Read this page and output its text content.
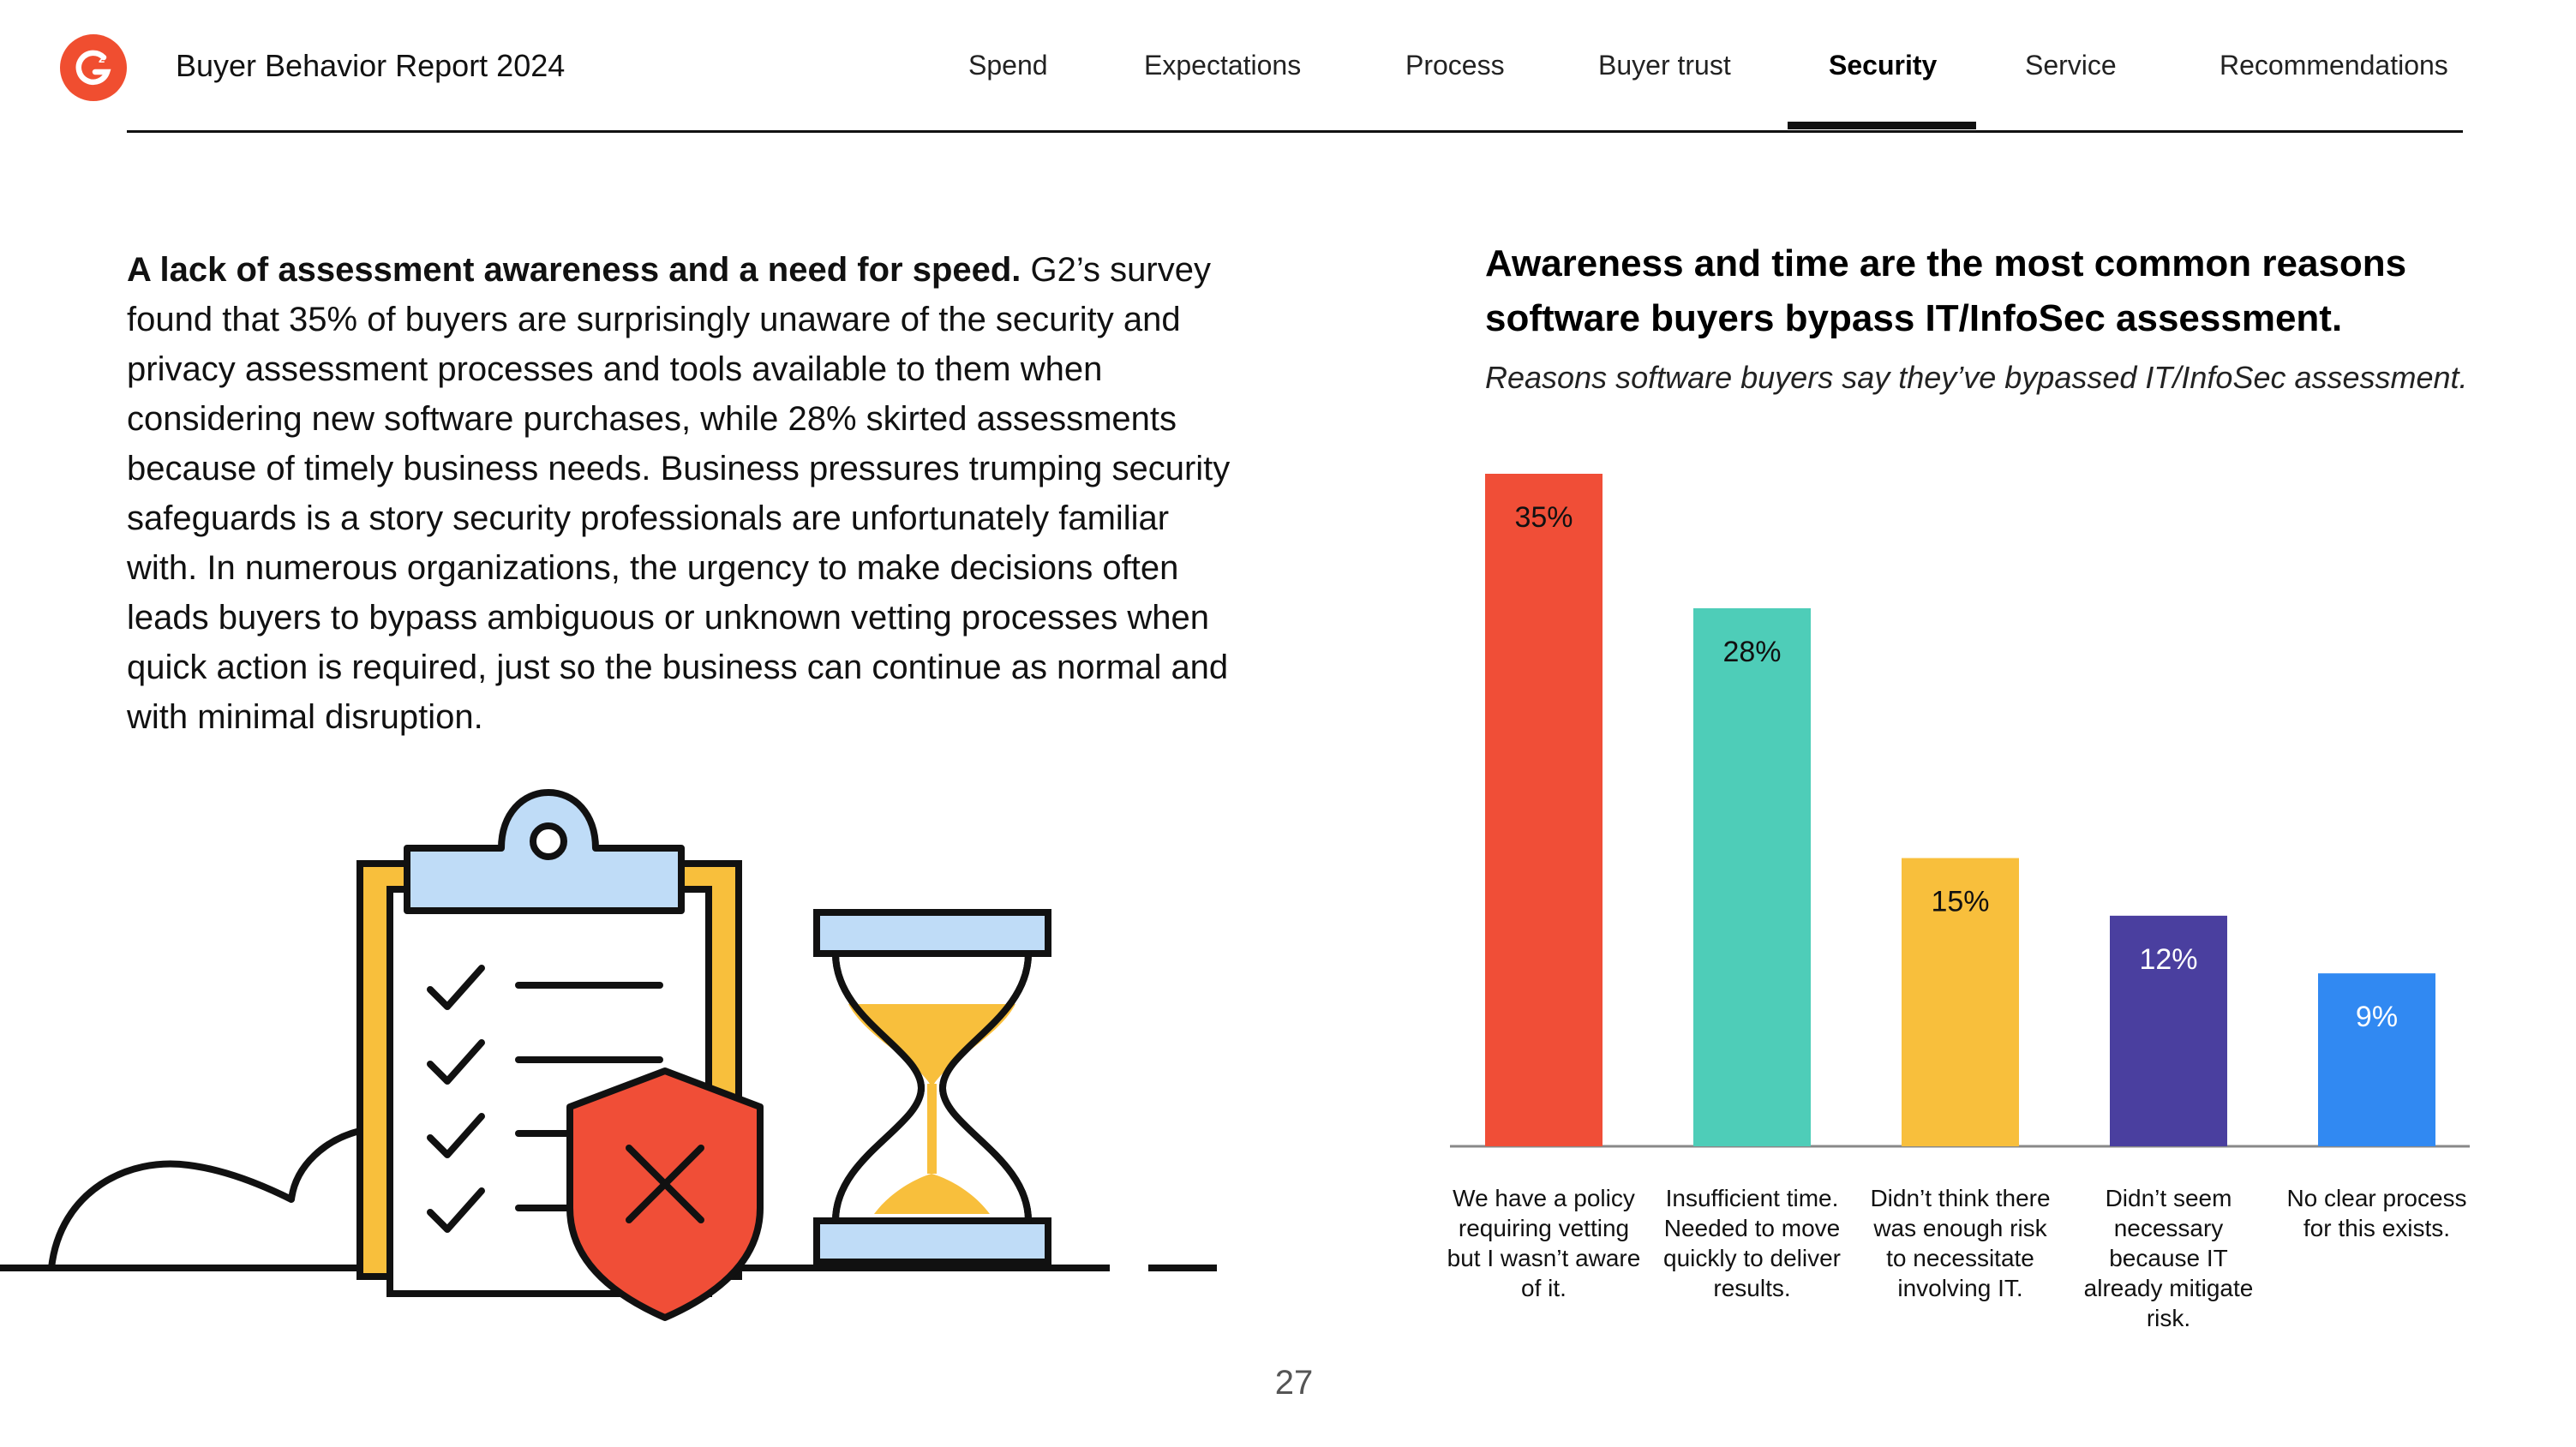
2 Buyer Behavior Report 2024	Spend	Expectations	Process	Buyer trust	Security	Service	Recommendations
A lack of assessment awareness and a need for speed. G2’s survey found that 35% of buyers are surprisingly unaware of the security and privacy assessment processes and tools available to them when considering new software purchases, while 28% skirted assessments because of timely business needs. Business pressures trumping security safeguards is a story security professionals are unfortunately familiar with. In numerous organizations, the urgency to make decisions often leads buyers to bypass ambiguous or unknown vetting processes when quick action is required, just so the business can continue as normal and with minimal disruption.
Awareness and time are the most common reasons software buyers bypass IT/InfoSec assessment.
Reasons software buyers say they’ve bypassed IT/InfoSec assessment.
35%
28%
15%
12%
9%
We have a policy requiring vetting but I wasn’t aware of it.
Insufficient time. Needed to move quickly to deliver results.
Didn’t think there was enough risk to necessitate involving IT.
Didn’t seem necessary because IT already mitigate risk.
No clear process for this exists.
27
